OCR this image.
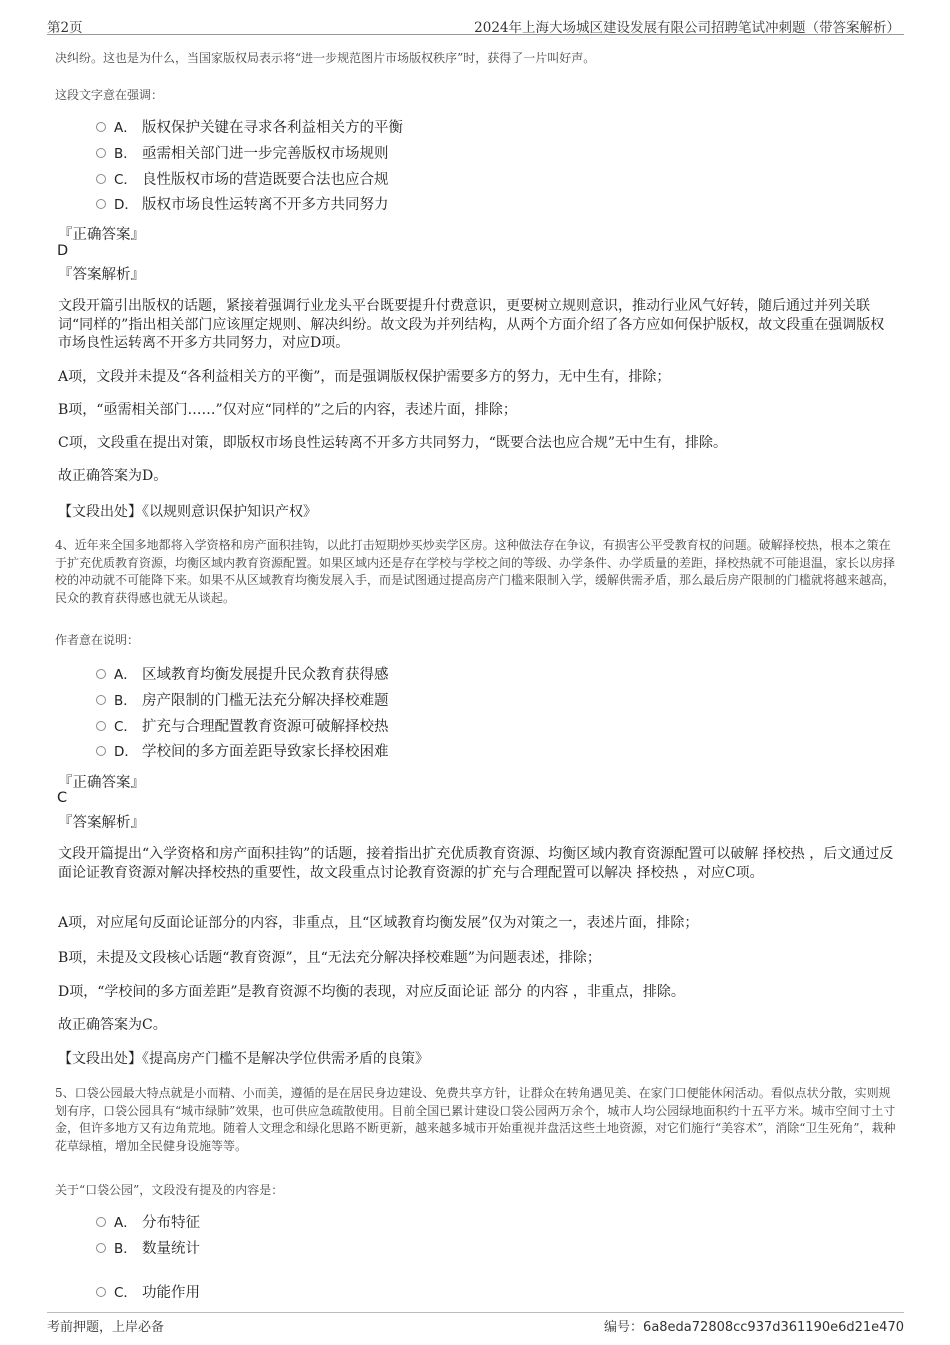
第2页	2024年上海大场城区建设发展有限公司招聘笔试冲刺题（带答案解析）
决纠纷。这也是为什么，当国家版权局表示将“进一步规范图片市场版权秩序”时，获得了一片叫好声。
这段文字意在强调：
A． 版权保护关键在寻求各利益相关方的平衡
B． 亟需相关部门进一步完善版权市场规则
C． 良性版权市场的营造既要合法也应合规
D． 版权市场良性运转离不开多方共同努力
『正确答案』
D
『答案解析』
文段开篇引出版权的话题，紧接着强调行业龙头平台既要提升付费意识，更要树立规则意识，推动行业风气好转，随后通过并列关联词“同样的”指出相关部门应该厘定规则、解决纠纷。故文段为并列结构，从两个方面介绍了各方应如何保护版权，故文段重在强调版权市场良性运转离不开多方共同努力，对应D项。
A项，文段并未提及“各利益相关方的平衡”，而是强调版权保护需要多方的努力，无中生有，排除；
B项，“亟需相关部门……”仅对应“同样的”之后的内容，表述片面，排除；
C项，文段重在提出对策，即版权市场良性运转离不开多方共同努力，“既要合法也应合规”无中生有，排除。
故正确答案为D。
【文段出处】《以规则意识保护知识产权》
4、近年来全国多地都将入学资格和房产面积挂钩，以此打击短期炒买炒卖学区房。这种做法存在争议，有损害公平受教育权的问题。破解择校热，根本之策在于扩充优质教育资源，均衡区域内教育资源配置。如果区域内还是存在学校与学校之间的等级、办学条件、办学质量的差距，择校热就不可能退温，家长以房择校的冲动就不可能降下来。如果不从区域教育均衡发展入手，而是试图通过提高房产门槛来限制入学，缓解供需矛盾，那么最后房产限制的门槛就将越来越高，民众的教育获得感也就无从谈起。
作者意在说明：
A． 区域教育均衡发展提升民众教育获得感
B． 房产限制的门槛无法充分解决择校难题
C． 扩充与合理配置教育资源可破解择校热
D． 学校间的多方面差距导致家长择校困难
『正确答案』
C
『答案解析』
文段开篇提出“入学资格和房产面积挂钩”的话题，接着指出扩充优质教育资源、均衡区域内教育资源配置可以破解 择校热 ，后文通过反面论证教育资源对解决择校热的重要性，故文段重点讨论教育资源的扩充与合理配置可以解决 择校热 ，对应C项。
A项，对应尾句反面论证部分的内容，非重点，且“区域教育均衡发展”仅为对策之一，表述片面，排除；
B项，未提及文段核心话题“教育资源”，且“无法充分解决择校难题”为问题表述，排除；
D项，“学校间的多方面差距”是教育资源不均衡的表现，对应反面论证 部分 的内容 ，非重点，排除。
故正确答案为C。
【文段出处】《提高房产门槛不是解决学位供需矛盾的良策》
5、口袋公园最大特点就是小而精、小而美，遵循的是在居民身边建设、免费共享方针，让群众在转角遇见美、在家门口便能休闲活动。看似点状分散，实则规划有序，口袋公园具有“城市绿肺”效果，也可供应急疏散使用。目前全国已累计建设口袋公园两万余个，城市人均公园绿地面积约十五平方米。城市空间寸土寸金，但许多地方又有边角荒地。随着人文理念和绿化思路不断更新，越来越多城市开始重视并盘活这些土地资源，对它们施行“美容术”，消除“卫生死角”，栽种花草绿植，增加全民健身设施等等。
关于“口袋公园”，文段没有提及的内容是：
A． 分布特征
B． 数量统计
C． 功能作用
考前押题，上岸必备	编号：6a8eda72808cc937d361190e6d21e470
